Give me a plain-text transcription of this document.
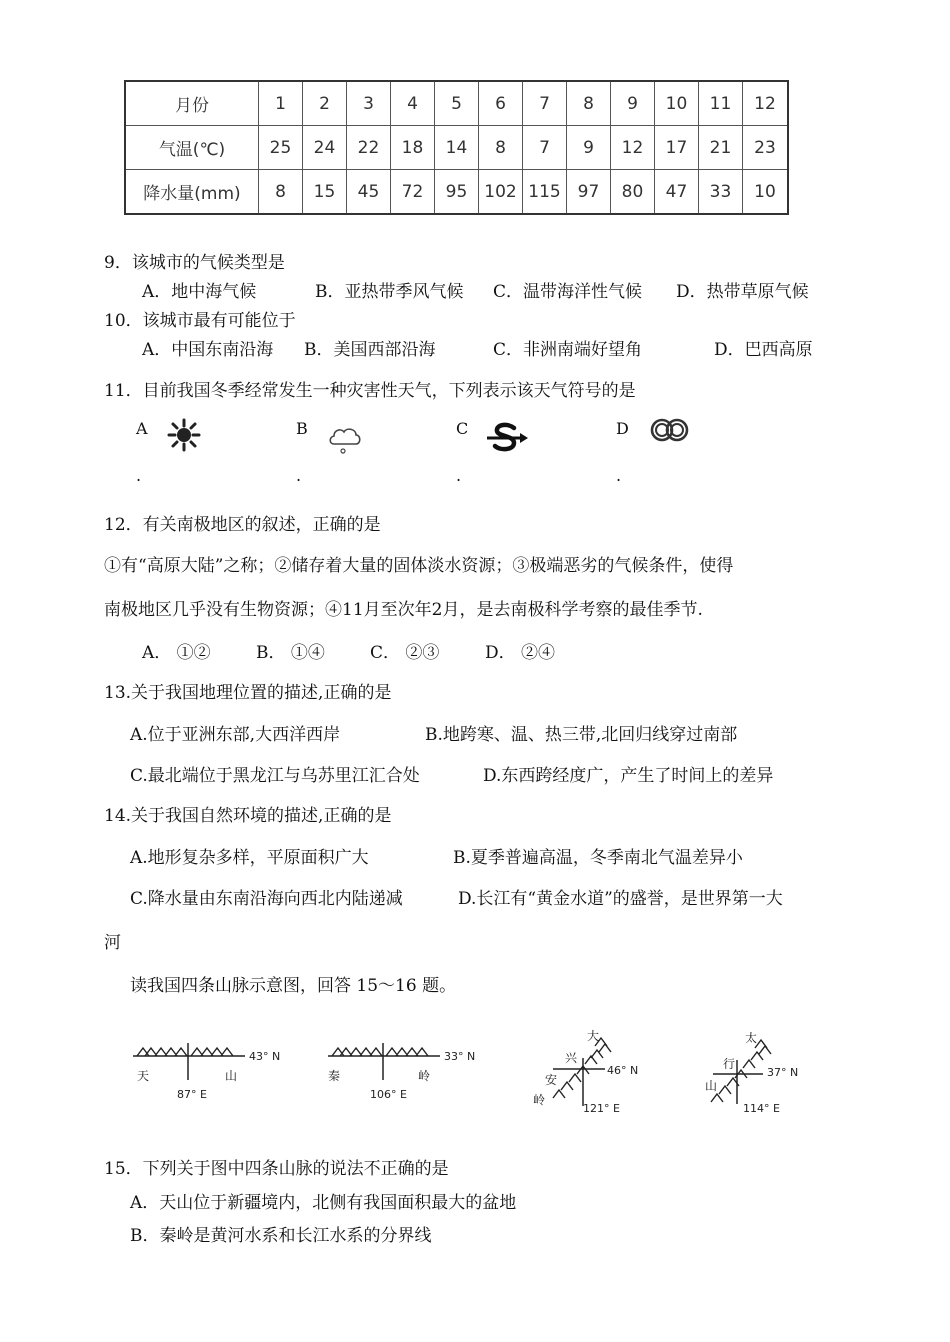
月份	1	2	3	4	5	6	7	8	9	10	11	12
气温(℃)	25	24	22	18	14	8	7	9	12	17	21	23
降水量(mm)	8	15	45	72	95	102	115	97	80	47	33	10
9．该城市的气候类型是
A．地中海气候	B．亚热带季风气候 C．温带海洋性气候 D．热带草原气候
10．该城市最有可能位于
A．中国东南沿海 B．美国西部沿海	C．非洲南端好望角	D．巴西高原
11．目前我国冬季经常发生一种灾害性天气，下列表示该天气符号的是
A	B	C	D
.	.	.	.
12．有关南极地区的叙述，正确的是
①有“高原大陆”之称；②储存着大量的固体淡水资源；③极端恶劣的气候条件，使得
南极地区几乎没有生物资源；④11月至次年2月，是去南极科学考察的最佳季节.
A． ①②	B． ①④	C． ②③	D． ②④
13.关于我国地理位置的描述,正确的是
A.位于亚洲东部,大西洋西岸	B.地跨寒、温、热三带,北回归线穿过南部
C.最北端位于黑龙江与乌苏里江汇合处	D.东西跨经度广，产生了时间上的差异
14.关于我国自然环境的描述,正确的是
A.地形复杂多样，平原面积广大	B.夏季普遍高温，冬季南北气温差异小
C.降水量由东南沿海向西北内陆递减	D.长江有“黄金水道”的盛誉，是世界第一大
河
读我国四条山脉示意图，回答 15～16 题。
43° N
天	山
87° E
33° N
秦	岭
106° E
大
兴
安
岭
46° N
121° E
太
行
山
37° N
114° E
15．下列关于图中四条山脉的说法不正确的是
A．天山位于新疆境内，北侧有我国面积最大的盆地
B．秦岭是黄河水系和长江水系的分界线
